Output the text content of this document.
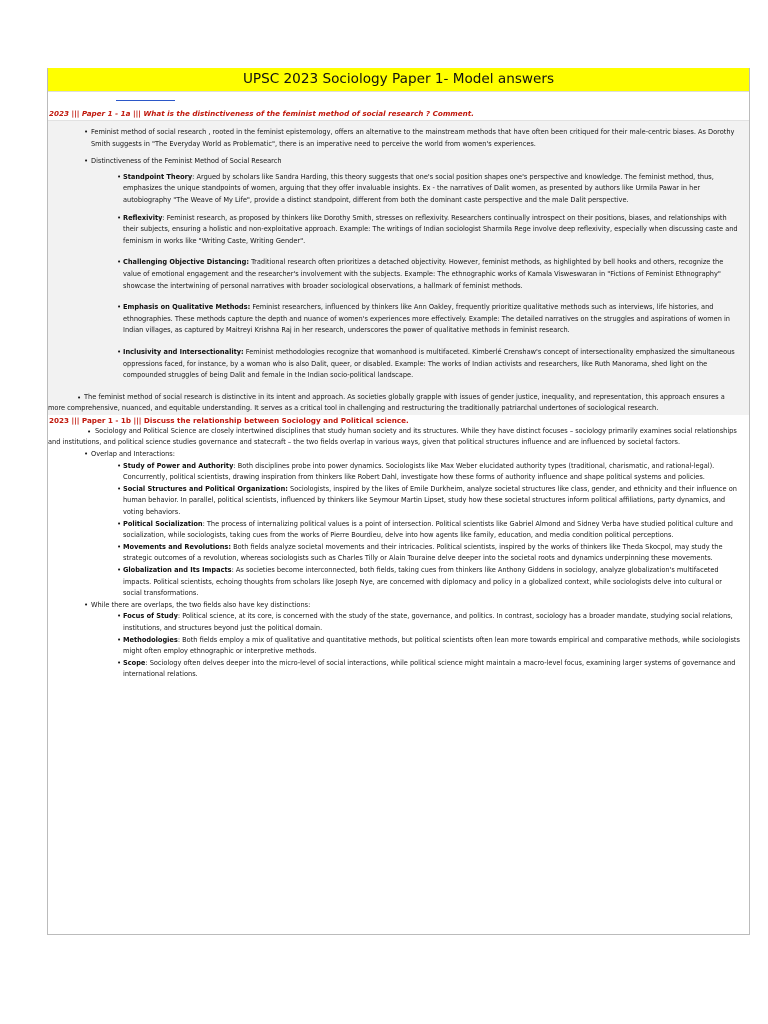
UPSC 2023 Sociology Paper 1- Model answers
2023 ||| Paper 1 - 1a ||| What is the distinctiveness of the feminist method of social research ? Comment.

• Feminist method of social research , rooted in the feminist epistemology, offers an alternative to the mainstream methods that have often been critiqued for their male-centric biases. As Dorothy Smith suggests in "The Everyday World as Problematic", there is an imperative need to perceive the world from women's experiences.

• Distinctiveness of the Feminist Method of Social Research

• Standpoint Theory: Argued by scholars like Sandra Harding, this theory suggests that one's social position shapes one's perspective and knowledge. The feminist method, thus, emphasizes the unique standpoints of women, arguing that they offer invaluable insights. Ex - the narratives of Dalit women, as presented by authors like Urmila Pawar in her autobiography "The Weave of My Life", provide a distinct standpoint, different from both the dominant caste perspective and the male Dalit perspective.

• Reflexivity: Feminist research, as proposed by thinkers like Dorothy Smith, stresses on reflexivity. Researchers continually introspect on their positions, biases, and relationships with their subjects, ensuring a holistic and non-exploitative approach. Example: The writings of Indian sociologist Sharmila Rege involve deep reflexivity, especially when discussing caste and feminism in works like "Writing Caste, Writing Gender".

• Challenging Objective Distancing: Traditional research often prioritizes a detached objectivity. However, feminist methods, as highlighted by bell hooks and others, recognize the value of emotional engagement and the researcher's involvement with the subjects. Example: The ethnographic works of Kamala Visweswaran in "Fictions of Feminist Ethnography" showcase the intertwining of personal narratives with broader sociological observations, a hallmark of feminist methods.

• Emphasis on Qualitative Methods: Feminist researchers, influenced by thinkers like Ann Oakley, frequently prioritize qualitative methods such as interviews, life histories, and ethnographies. These methods capture the depth and nuance of women's experiences more effectively. Example: The detailed narratives on the struggles and aspirations of women in Indian villages, as captured by Maitreyi Krishna Raj in her research, underscores the power of qualitative methods in feminist research.

• Inclusivity and Intersectionality: Feminist methodologies recognize that womanhood is multifaceted. Kimberlé Crenshaw's concept of intersectionality emphasized the simultaneous oppressions faced, for instance, by a woman who is also Dalit, queer, or disabled. Example: The works of Indian activists and researchers, like Ruth Manorama, shed light on the compounded struggles of being Dalit and female in the Indian socio-political landscape.

• The feminist method of social research is distinctive in its intent and approach. As societies globally grapple with issues of gender justice, inequality, and representation, this approach ensures a more comprehensive, nuanced, and equitable understanding. It serves as a critical tool in challenging and restructuring the traditionally patriarchal undertones of sociological research.

2023 ||| Paper 1 - 1b ||| Discuss the relationship between Sociology and Political science.

• Sociology and Political Science are closely intertwined disciplines that study human society and its structures. While they have distinct focuses – sociology primarily examines social relationships and institutions, and political science studies governance and statecraft – the two fields overlap in various ways, given that political structures influence and are influenced by societal factors.

• Overlap and Interactions:

• Study of Power and Authority: Both disciplines probe into power dynamics. Sociologists like Max Weber elucidated authority types (traditional, charismatic, and rational-legal). Concurrently, political scientists, drawing inspiration from thinkers like Robert Dahl, investigate how these forms of authority influence and shape political systems and policies.

• Social Structures and Political Organization: Sociologists, inspired by the likes of Emile Durkheim, analyze societal structures like class, gender, and ethnicity and their influence on human behavior. In parallel, political scientists, influenced by thinkers like Seymour Martin Lipset, study how these societal structures inform political affiliations, party dynamics, and voting behaviors.

• Political Socialization: The process of internalizing political values is a point of intersection. Political scientists like Gabriel Almond and Sidney Verba have studied political culture and socialization, while sociologists, taking cues from the works of Pierre Bourdieu, delve into how agents like family, education, and media condition political perceptions.

• Movements and Revolutions: Both fields analyze societal movements and their intricacies. Political scientists, inspired by the works of thinkers like Theda Skocpol, may study the strategic outcomes of a revolution, whereas sociologists such as Charles Tilly or Alain Touraine delve deeper into the societal roots and dynamics underpinning these movements.

• Globalization and Its Impacts: As societies become interconnected, both fields, taking cues from thinkers like Anthony Giddens in sociology, analyze globalization's multifaceted impacts. Political scientists, echoing thoughts from scholars like Joseph Nye, are concerned with diplomacy and policy in a globalized context, while sociologists delve into cultural or social transformations.

• While there are overlaps, the two fields also have key distinctions:

• Focus of Study: Political science, at its core, is concerned with the study of the state, governance, and politics. In contrast, sociology has a broader mandate, studying social relations, institutions, and structures beyond just the political domain.

• Methodologies: Both fields employ a mix of qualitative and quantitative methods, but political scientists often lean more towards empirical and comparative methods, while sociologists might often employ ethnographic or interpretive methods.

• Scope: Sociology often delves deeper into the micro-level of social interactions, while political science might maintain a macro-level focus, examining larger systems of governance and international relations.
